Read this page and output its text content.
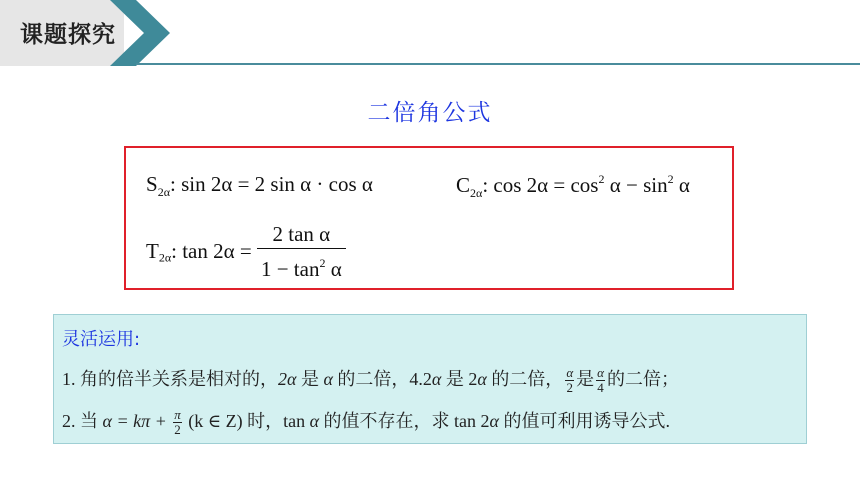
课题探究
二倍角公式
$S_{2\alpha}$: sin 2α = 2 sin α · cos α	$C_{2\alpha}$: $\cos 2\alpha = \cos^2 \alpha - \sin^2 \alpha$
$T_{2\alpha}$: $\tan 2\alpha = \frac{\text{2 tan α}}{1 - \tan^2 \alpha}$
灵活运用:
1. 角的倍半关系是相对的，2α 是 α 的二倍，4.2α 是 2α 的二倍， $\frac{\alpha}{2}$ 是 $\frac{\alpha}{4}$ 的二倍；
2. 当 $\alpha = k\pi + \frac{\pi}{2} (k$ ∈ Z) 时，tan α 的值不存在，求 tan 2α 的值可利用诱导公式.
